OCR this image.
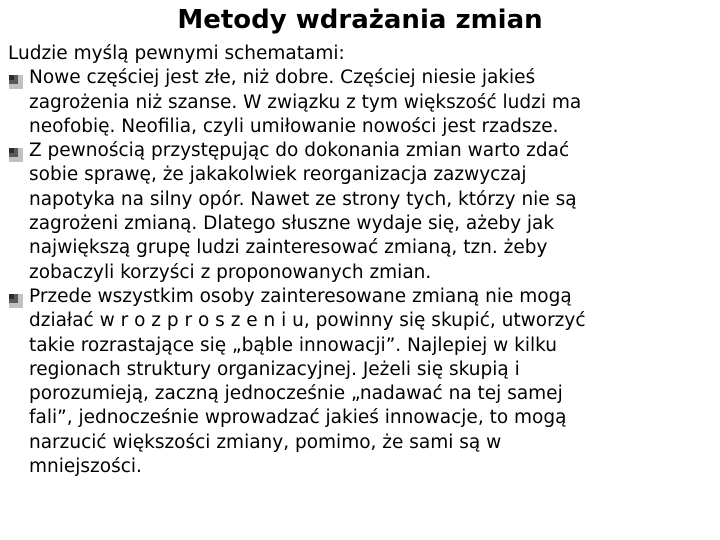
Metody wdrażania zmian

Ludzie myślą pewnymi schematami:

Nowe częściej jest złe, niż dobre. Częściej niesie jakieś
zagrożenia niż szanse. W związku z tym większość ludzi ma
neofobię. Neofilia, czyli umiłowanie nowości jest rzadsze.
Z pewnością przystępując do dokonania zmian warto zdać
sobie sprawę, że jakakolwiek reorganizacja zazwyczaj
napotyka na silny opór. Nawet ze strony tych, którzy nie są
zagrożeni zmianą. Dlatego słuszne wydaje się, ażeby jak
największą grupę ludzi zainteresować zmianą, tzn. żeby
zobaczyli korzyści z proponowanych zmian.
Przede wszystkim osoby zainteresowane zmianą nie mogą
działać w r o z p r o s z e n i u, powinny się skupić, utworzyć
takie rozrastające się „bąble innowacji”. Najlepiej w kilku
regionach struktury organizacyjnej. Jeżeli się skupią i
porozumieją, zaczną jednocześnie „nadawać na tej samej
fali”, jednocześnie wprowadzać jakieś innowacje, to mogą
narzucić większości zmiany, pomimo, że sami są w
mniejszości.
